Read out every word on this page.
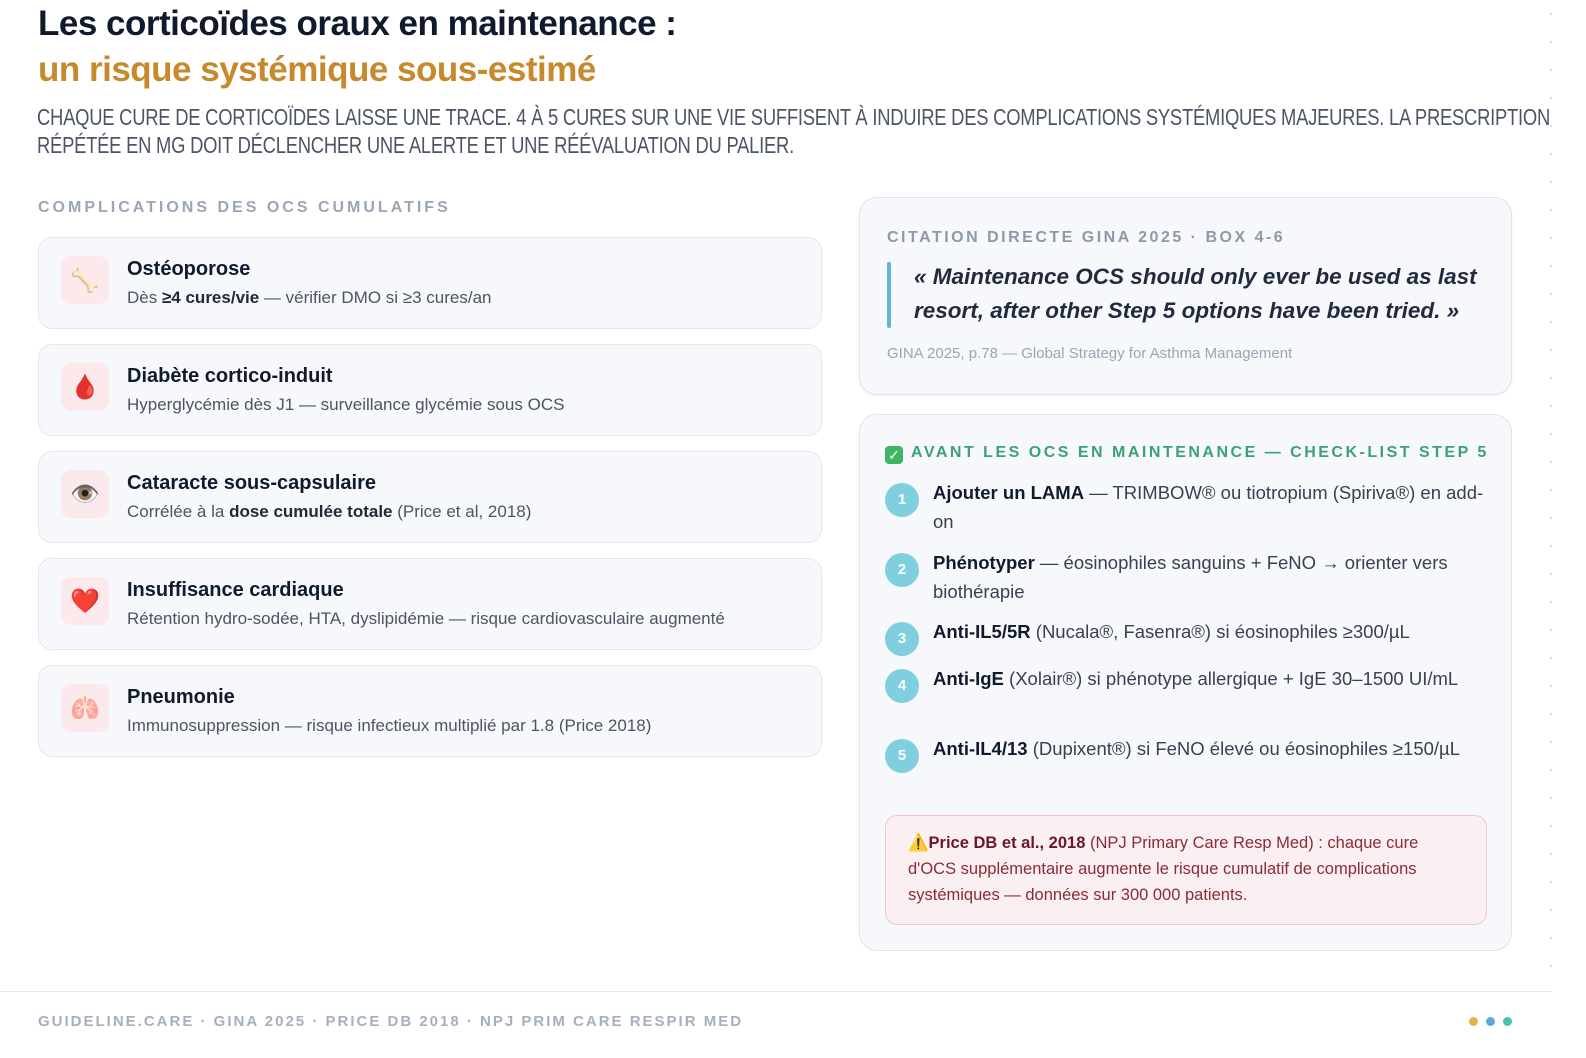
Les corticoïdes oraux en maintenance :
un risque systémique sous-estimé
CHAQUE CURE DE CORTICOÏDES LAISSE UNE TRACE. 4 À 5 CURES SUR UNE VIE SUFFISENT À INDUIRE DES COMPLICATIONS SYSTÉMIQUES MAJEURES. LA PRESCRIPTION RÉPÉTÉE EN MG DOIT DÉCLENCHER UNE ALERTE ET UNE RÉÉVALUATION DU PALIER.
COMPLICATIONS DES OCS CUMULATIFS
🦴	Ostéoporose
Dès ≥4 cures/vie — vérifier DMO si ≥3 cures/an
🩸	Diabète cortico-induit
Hyperglycémie dès J1 — surveillance glycémie sous OCS
👁️	Cataracte sous-capsulaire
Corrélée à la dose cumulée totale (Price et al, 2018)
❤️	Insuffisance cardiaque
Rétention hydro-sodée, HTA, dyslipidémie — risque cardiovasculaire augmenté
🫁	Pneumonie
Immunosuppression — risque infectieux multiplié par 1.8 (Price 2018)
CITATION DIRECTE GINA 2025 · BOX 4-6
« Maintenance OCS should only ever be used as last resort, after other Step 5 options have been tried. »
GINA 2025, p.78 — Global Strategy for Asthma Management
✓ AVANT LES OCS EN MAINTENANCE — CHECK-LIST STEP 5
1	Ajouter un LAMA — TRIMBOW® ou tiotropium (Spiriva®) en add-on
2	Phénotyper — éosinophiles sanguins + FeNO → orienter vers biothérapie
3	Anti-IL5/5R (Nucala®, Fasenra®) si éosinophiles ≥300/µL
4	Anti-IgE (Xolair®) si phénotype allergique + IgE 30–1500 UI/mL
5	Anti-IL4/13 (Dupixent®) si FeNO élevé ou éosinophiles ≥150/µL
⚠️Price DB et al., 2018 (NPJ Primary Care Resp Med) : chaque cure d'OCS supplémentaire augmente le risque cumulatif de complications systémiques — données sur 300 000 patients.
GUIDELINE.CARE · GINA 2025 · PRICE DB 2018 · NPJ PRIM CARE RESPIR MED
